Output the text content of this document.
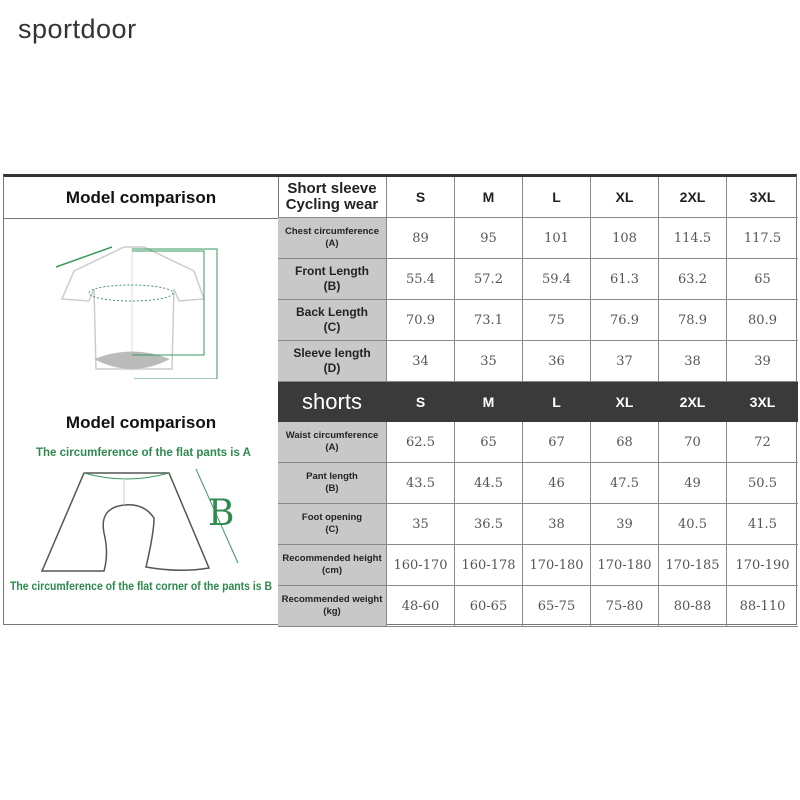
sportdoor
Model comparison
Model comparison
The circumference of the flat pants is A
B
The circumference of the flat corner of the pants is B
Short sleeve
Cycling wear	S	M	L	XL	2XL	3XL
Chest circumference
(A)	89	95	101	108	114.5	117.5
Front Length
(B)	55.4	57.2	59.4	61.3	63.2	65
Back Length
(C)	70.9	73.1	75	76.9	78.9	80.9
Sleeve length
(D)	34	35	36	37	38	39
shorts	S	M	L	XL	2XL	3XL
Waist circumference
(A)	62.5	65	67	68	70	72
Pant length
(B)	43.5	44.5	46	47.5	49	50.5
Foot opening
(C)	35	36.5	38	39	40.5	41.5
Recommended height
(cm)	160-170	160-178	170-180	170-180	170-185	170-190
Recommended weight
(kg)	48-60	60-65	65-75	75-80	80-88	88-110
